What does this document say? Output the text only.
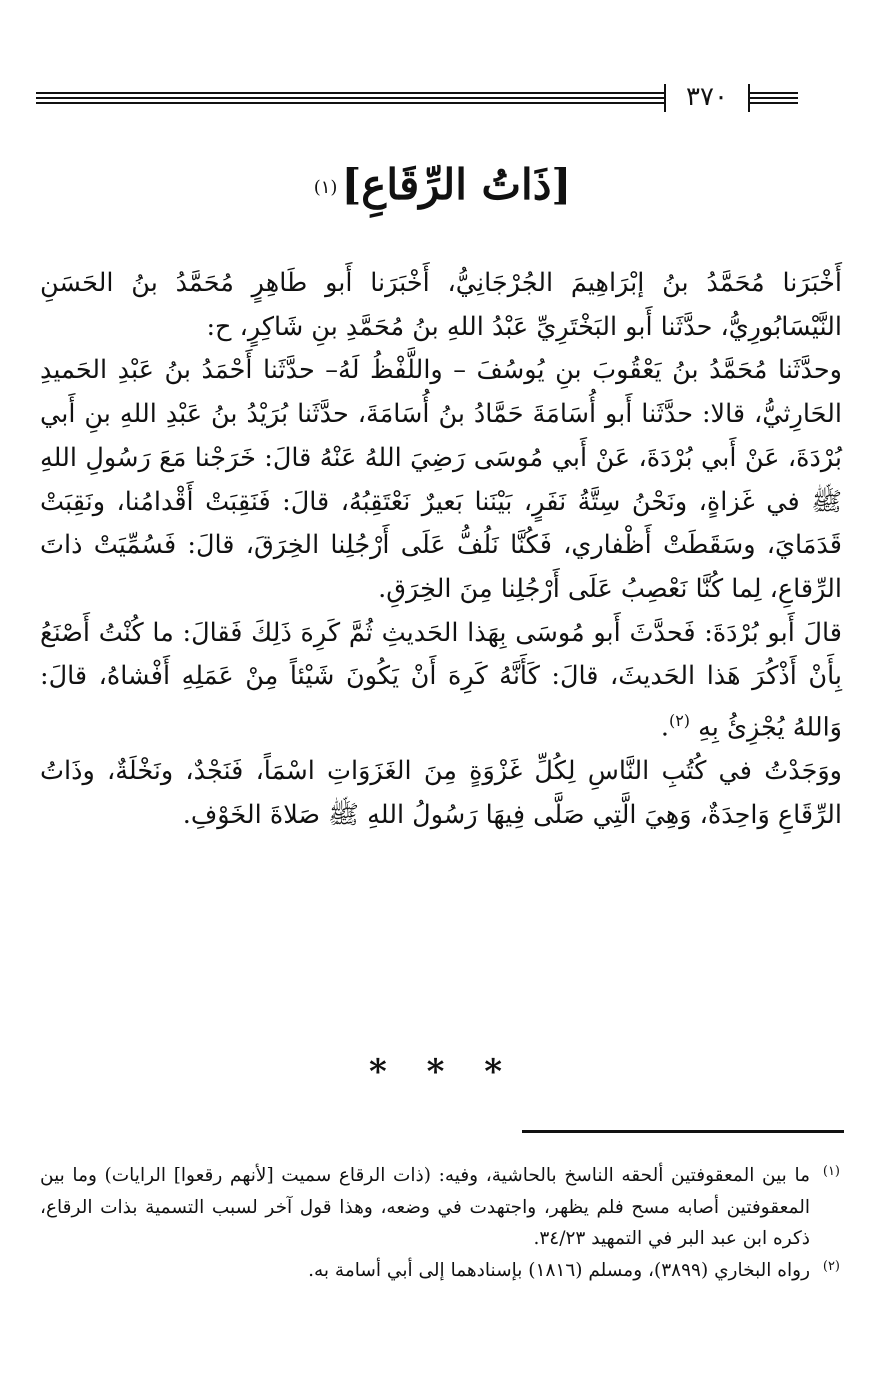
٣٧٠
[ذَاتُ الرِّقَاعِ](١)

أَخْبَرَنا مُحَمَّدُ بنُ إبْرَاهِيمَ الجُرْجَانِيُّ، أَخْبَرَنا أَبو طَاهِرٍ مُحَمَّدُ بنُ الحَسَنِ النَّيْسَابُورِيُّ، حدَّثَنا أَبو البَخْتَرِيِّ عَبْدُ اللهِ بنُ مُحَمَّدِ بنِ شَاكِرٍ، ح:

وحدَّثَنا مُحَمَّدُ بنُ يَعْقُوبَ بنِ يُوسُفَ – واللَّفْظُ لَهُ– حدَّثَنا أَحْمَدُ بنُ عَبْدِ الحَميدِ الحَارِثيُّ، قالا: حدَّثَنا أَبو أُسَامَةَ حَمَّادُ بنُ أُسَامَةَ، حدَّثَنا بُرَيْدُ بنُ عَبْدِ اللهِ بنِ أَبي بُرْدَةَ، عَنْ أَبي بُرْدَةَ، عَنْ أَبي مُوسَى رَضِيَ اللهُ عَنْهُ قالَ: خَرَجْنا مَعَ رَسُولِ اللهِ ﷺ في غَزاةٍ، ونَحْنُ سِتَّةُ نَفَرٍ، بَيْنَنا بَعيرٌ نَعْتَقِبُهُ، قالَ: فَنَقِبَتْ أَقْدامُنا، ونَقِبَتْ قَدَمَايَ، وسَقَطَتْ أَظْفاري، فَكُنَّا نَلُفُّ عَلَى أَرْجُلِنا الخِرَقَ، قالَ: فَسُمِّيَتْ ذاتَ الرِّقاعِ، لِما كُنَّا نَعْصِبُ عَلَى أَرْجُلِنا مِنَ الخِرَقِ.

قالَ أَبو بُرْدَةَ: فَحدَّثَ أَبو مُوسَى بِهَذا الحَديثِ ثُمَّ كَرِهَ ذَلِكَ فَقالَ: ما كُنْتُ أَصْنَعُ بِأَنْ أَذْكُرَ هَذا الحَديثَ، قالَ: كَأَنَّهُ كَرِهَ أَنْ يَكُونَ شَيْئاً مِنْ عَمَلِهِ أَفْشاهُ، قالَ: وَاللهُ يُجْزِئُ بِهِ $^{(٢)}$.

ووَجَدْتُ في كُتُبِ النَّاسِ لِكُلِّ غَزْوَةٍ مِنَ الغَزَوَاتِ اسْمَاً، فَنَجْدٌ، ونَخْلَةٌ، وذَاتُ الرِّقَاعِ وَاحِدَةٌ، وَهِيَ الَّتِي صَلَّى فِيهَا رَسُولُ اللهِ ﷺ صَلاةَ الخَوْفِ.

* * *

(١)
ما بين المعقوفتين ألحقه الناسخ بالحاشية، وفيه: (ذات الرقاع سميت [لأنهم رقعوا] الرايات) وما بين المعقوفتين أصابه مسح فلم يظهر، واجتهدت في وضعه، وهذا قول آخر لسبب التسمية بذات الرقاع، ذكره ابن عبد البر في التمهيد ٣٤/٢٣.

(٢)
رواه البخاري (٣٨٩٩)، ومسلم (١٨١٦) بإسنادهما إلى أبي أسامة به.
